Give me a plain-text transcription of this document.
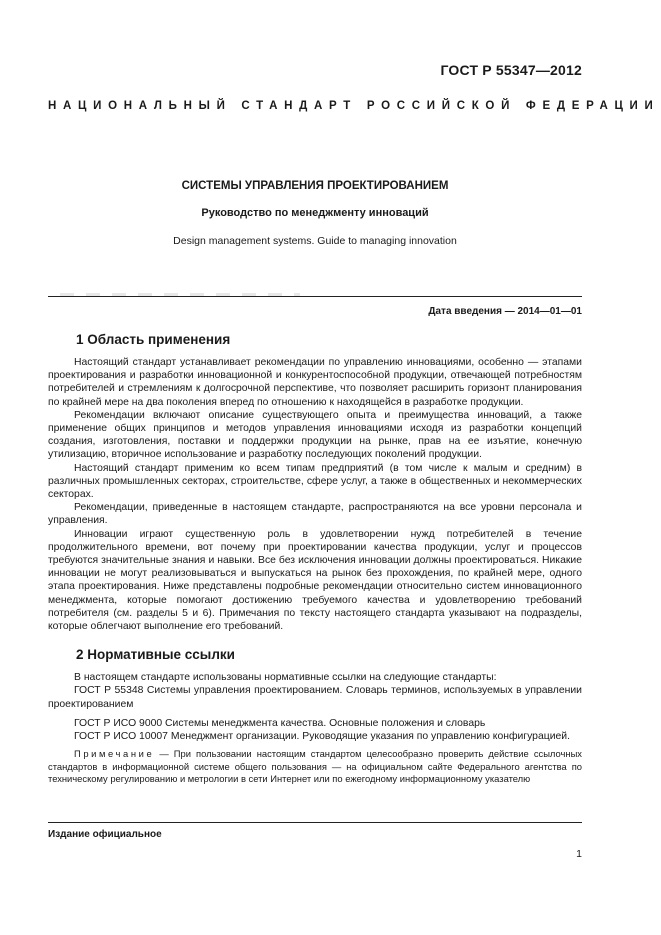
ГОСТ Р 55347—2012

НАЦИОНАЛЬНЫЙ СТАНДАРТ РОССИЙСКОЙ ФЕДЕРАЦИИ

СИСТЕМЫ УПРАВЛЕНИЯ ПРОЕКТИРОВАНИЕМ

Руководство по менеджменту инноваций

Design management systems. Guide to managing innovation

Дата введения — 2014—01—01

1 Область применения

Настоящий стандарт устанавливает рекомендации по управлению инновациями, особенно — этапами проектирования и разработки инновационной и конкурентоспособной продукции, отвечающей потребностям потребителей и стремлениям к долгосрочной перспективе, что позволяет расширить горизонт планирования по крайней мере на два поколения вперед по отношению к находящейся в разработке продукции.

Рекомендации включают описание существующего опыта и преимущества инноваций, а также применение общих принципов и методов управления инновациями исходя из разработки концепций создания, изготовления, поставки и поддержки продукции на рынке, прав на ее изъятие, конечную утилизацию, вторичное использование и разработку последующих поколений продукции.

Настоящий стандарт применим ко всем типам предприятий (в том числе к малым и средним) в различных промышленных секторах, строительстве, сфере услуг, а также в общественных и некоммерческих секторах.

Рекомендации, приведенные в настоящем стандарте, распространяются на все уровни персонала и управления.

Инновации играют существенную роль в удовлетворении нужд потребителей в течение продолжительного времени, вот почему при проектировании качества продукции, услуг и процессов требуются значительные знания и навыки. Все без исключения инновации должны проектироваться. Никакие инновации не могут реализовываться и выпускаться на рынок без прохождения, по крайней мере, одного этапа проектирования. Ниже представлены подробные рекомендации относительно систем инновационного менеджмента, которые помогают достижению требуемого качества и удовлетворению требований потребителя (см. разделы 5 и 6). Примечания по тексту настоящего стандарта указывают на подразделы, которые облегчают выполнение его требований.

2 Нормативные ссылки

В настоящем стандарте использованы нормативные ссылки на следующие стандарты:

ГОСТ Р 55348 Системы управления проектированием. Словарь терминов, используемых в управлении проектированием

ГОСТ Р ИСО 9000 Системы менеджмента качества. Основные положения и словарь

ГОСТ Р ИСО 10007 Менеджмент организации. Руководящие указания по управлению конфигурацией.

Примечание — При пользовании настоящим стандартом целесообразно проверить действие ссылочных стандартов в информационной системе общего пользования — на официальном сайте Федерального агентства по техническому регулированию и метрологии в сети Интернет или по ежегодному информационному указателю

Издание официальное

1
